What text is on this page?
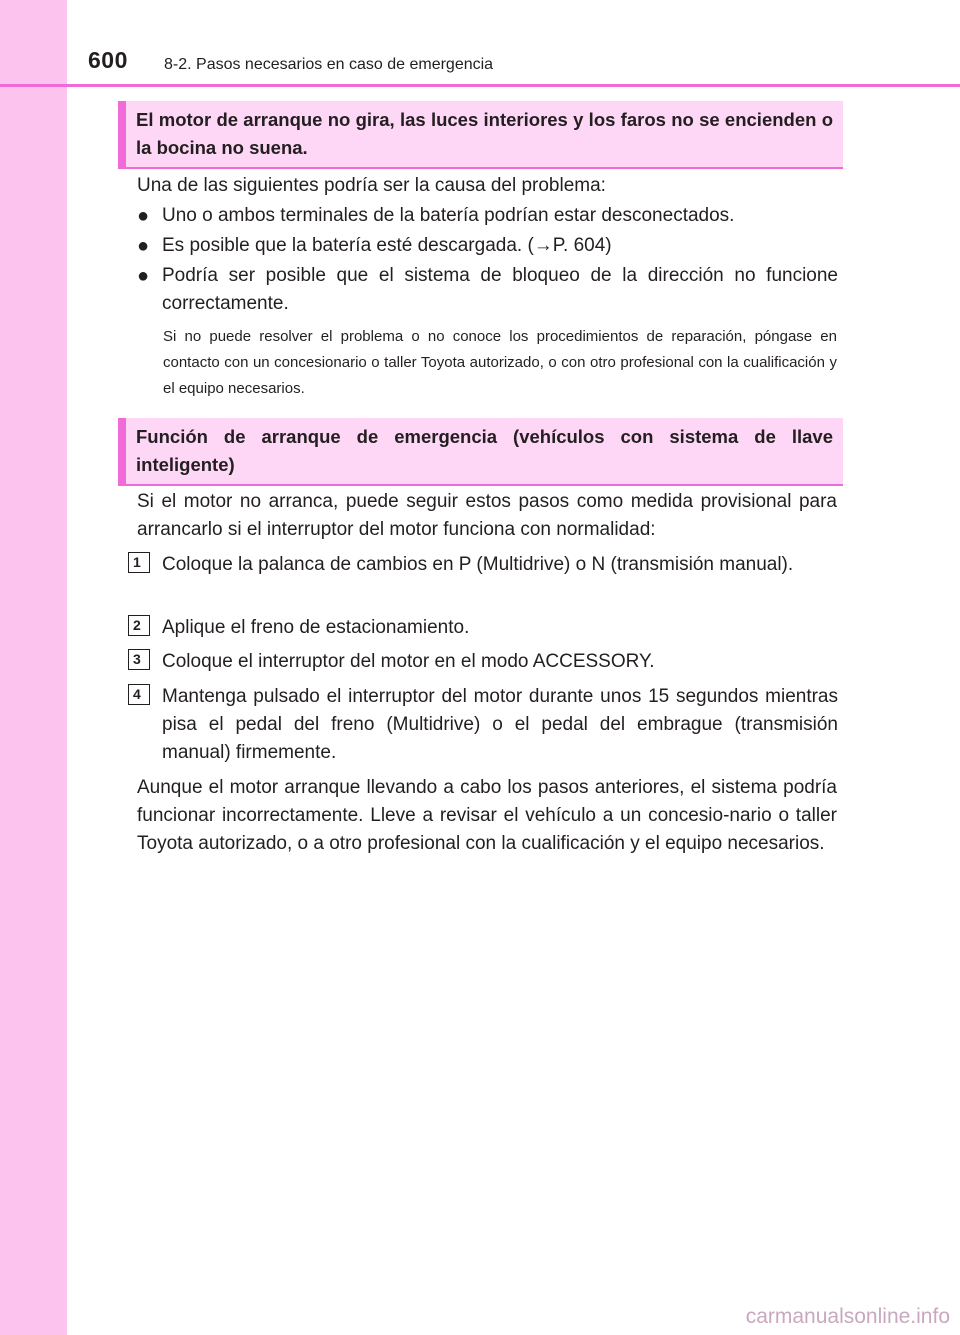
600 8-2. Pasos necesarios en caso de emergencia
El motor de arranque no gira, las luces interiores y los faros no se encienden o la bocina no suena.
Una de las siguientes podría ser la causa del problema:
● Uno o ambos terminales de la batería podrían estar desconectados.
● Es posible que la batería esté descargada. (→P. 604)
● Podría ser posible que el sistema de bloqueo de la dirección no funcione correctamente.
Si no puede resolver el problema o no conoce los procedimientos de reparación, póngase en contacto con un concesionario o taller Toyota autorizado, o con otro profesional con la cualificación y el equipo necesarios.
Función de arranque de emergencia (vehículos con sistema de llave inteligente)
Si el motor no arranca, puede seguir estos pasos como medida provisional para arrancarlo si el interruptor del motor funciona con normalidad:
1	Coloque la palanca de cambios en P (Multidrive) o N (transmisión manual).
2	Aplique el freno de estacionamiento.
3	Coloque el interruptor del motor en el modo ACCESSORY.
4	Mantenga pulsado el interruptor del motor durante unos 15 segundos mientras pisa el pedal del freno (Multidrive) o el pedal del embrague (transmisión manual) firmemente.
Aunque el motor arranque llevando a cabo los pasos anteriores, el sistema podría funcionar incorrectamente. Lleve a revisar el vehículo a un concesio-nario o taller Toyota autorizado, o a otro profesional con la cualificación y el equipo necesarios.
carmanualsonline.info
